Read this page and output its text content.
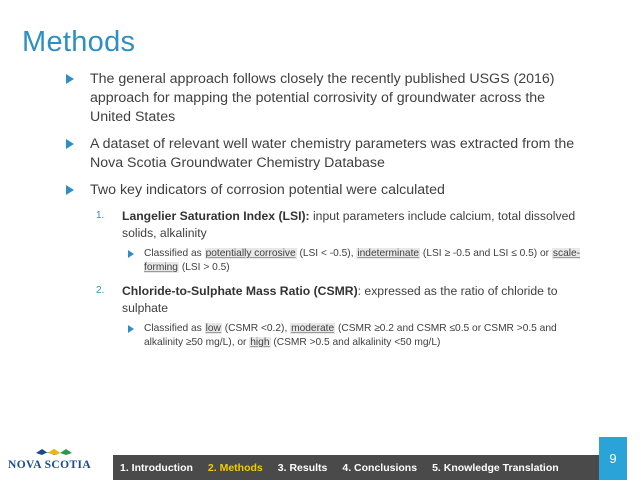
Methods
The general approach follows closely the recently published USGS (2016) approach for mapping the potential corrosivity of groundwater across the United States
A dataset of relevant well water chemistry parameters was extracted from the Nova Scotia Groundwater Chemistry Database
Two key indicators of corrosion potential were calculated
1. Langelier Saturation Index (LSI): input parameters include calcium, total dissolved solids, alkalinity
Classified as potentially corrosive (LSI < -0.5), indeterminate (LSI ≥ -0.5 and LSI ≤ 0.5) or scale-forming (LSI > 0.5)
2. Chloride-to-Sulphate Mass Ratio (CSMR): expressed as the ratio of chloride to sulphate
Classified as low (CSMR <0.2), moderate (CSMR ≥0.2 and CSMR ≤0.5 or CSMR >0.5 and alkalinity ≥50 mg/L), or high (CSMR >0.5 and alkalinity <50 mg/L)
NOVA SCOTIA	1. Introduction 2. Methods 3. Results 4. Conclusions 5. Knowledge Translation
9
